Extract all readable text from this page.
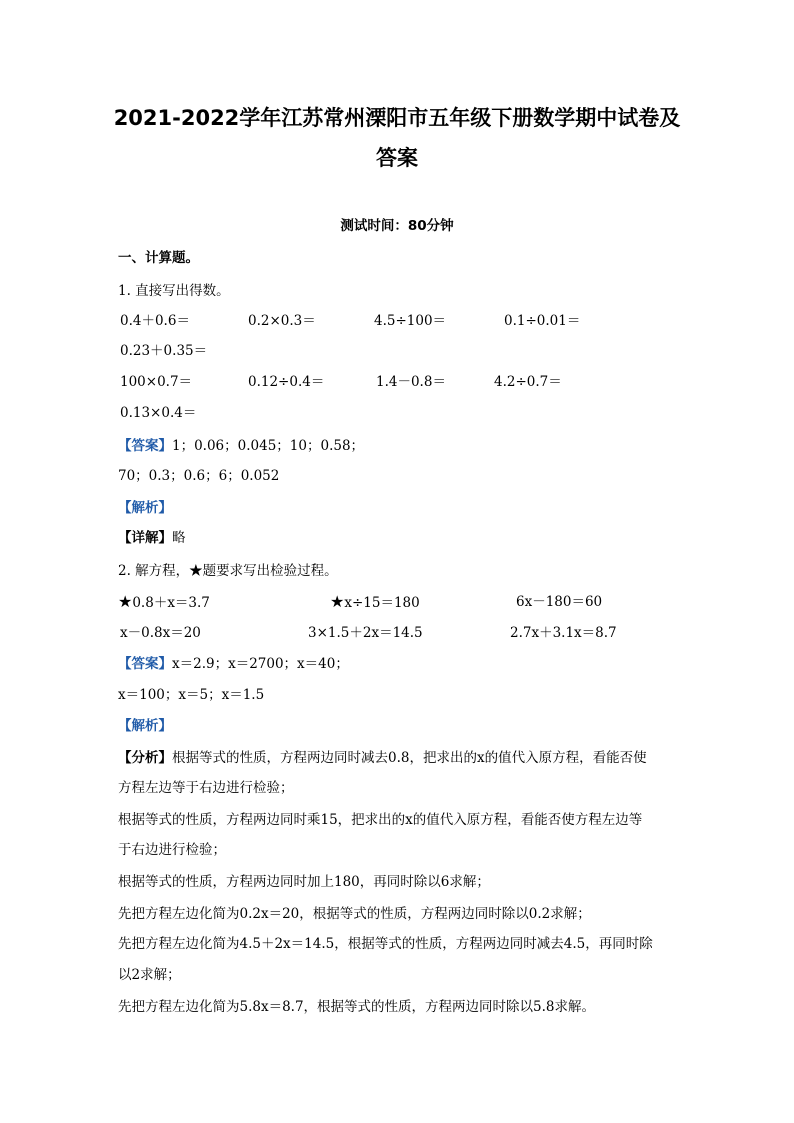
2021-2022学年江苏常州溧阳市五年级下册数学期中试卷及
答案
测试时间：80分钟
一、计算题。
1. 直接写出得数。
0.4＋0.6＝	0.2×0.3＝	4.5÷100＝	0.1÷0.01＝
0.23＋0.35＝
100×0.7＝	0.12÷0.4＝	1.4－0.8＝	4.2÷0.7＝
0.13×0.4＝
【答案】1；0.06；0.045；10；0.58；
70；0.3；0.6；6；0.052
【解析】
【详解】略
2. 解方程，★题要求写出检验过程。
★0.8＋x＝3.7	★x÷15＝180	6x－180＝60
x－0.8x＝20	3×1.5＋2x＝14.5	2.7x＋3.1x＝8.7
【答案】x＝2.9；x＝2700；x＝40；
x＝100；x＝5；x＝1.5
【解析】
【分析】根据等式的性质，方程两边同时减去0.8，把求出的x的值代入原方程，看能否使
方程左边等于右边进行检验；
根据等式的性质，方程两边同时乘15，把求出的x的值代入原方程，看能否使方程左边等
于右边进行检验；
根据等式的性质，方程两边同时加上180，再同时除以6求解；
先把方程左边化简为0.2x＝20，根据等式的性质，方程两边同时除以0.2求解；
先把方程左边化简为4.5＋2x＝14.5，根据等式的性质，方程两边同时减去4.5，再同时除
以2求解；
先把方程左边化简为5.8x＝8.7，根据等式的性质，方程两边同时除以5.8求解。
